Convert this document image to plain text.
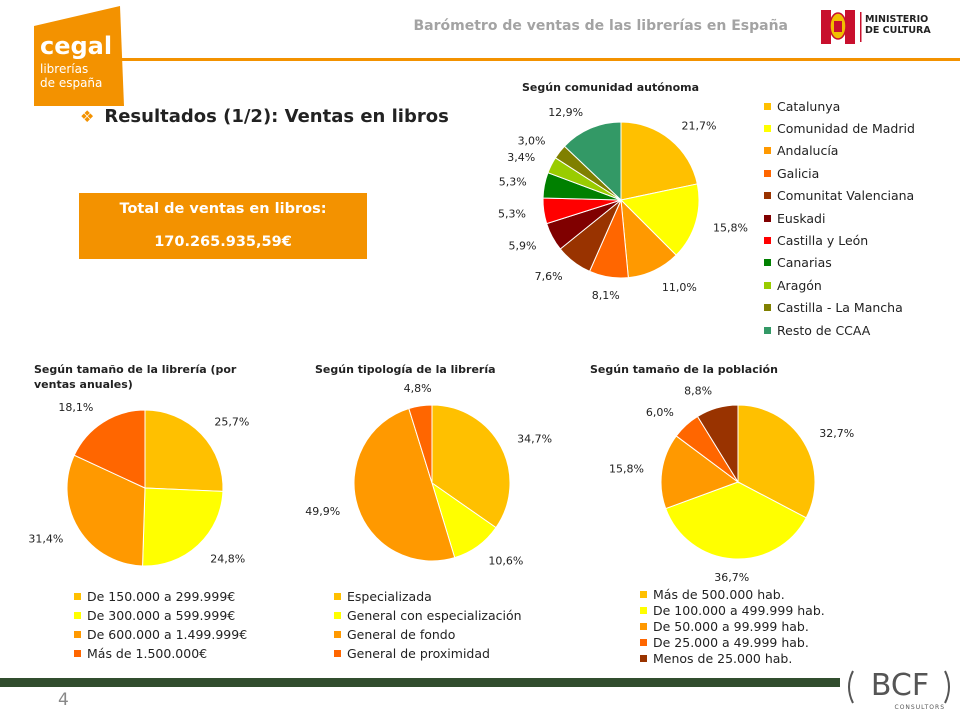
Barómetro de ventas de las librerías en España
cegal
librerías
de españa
MINISTERIO
DE CULTURA
❖ Resultados (1/2): Ventas en libros
Total de ventas en libros:
170.265.935,59€
Según comunidad autónoma
Según tamaño de la librería (por ventas anuales)
Según tipología de la librería	Según tamaño de la población
21,7%
15,8%
11,0%
8,1%
7,6%
5,9%
5,3%
5,3%
3,4%
3,0%
12,9%
25,7%
24,8%
31,4%
18,1%
34,7%
10,6%
49,9%
4,8%
32,7%
36,7%
15,8%
6,0%
8,8%
Catalunya
Comunidad de Madrid
Andalucía
Galicia
Comunitat Valenciana
Euskadi
Castilla y León
Canarias
Aragón
Castilla - La Mancha
Resto de CCAA
De 150.000 a 299.999€
De 300.000 a 599.999€
De 600.000 a 1.499.999€
Más de 1.500.000€
Especializada
General con especialización
General de fondo
General de proximidad
Más de 500.000 hab.
De 100.000 a 499.999 hab.
De 50.000 a 99.999 hab.
De 25.000 a 49.999 hab.
Menos de 25.000 hab.
4	BCF
CONSULTORS
